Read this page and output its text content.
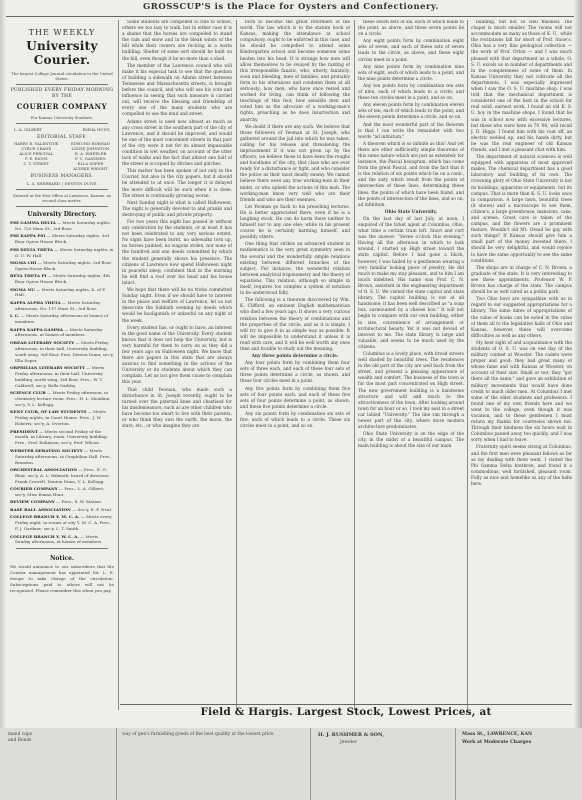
GROSSCUP'S is the Place for Oysters and Confectionery.
THE WEEKLY
University Courier.
The largest College Journal circulation in the United States.
PUBLISHED EVERY FRIDAY MORNING
BY THE
COURIER COMPANY
For Kansas University Students.
L. A. GILBERT	EMMA HUNT,
EDITORIAL STAFF.
HARRY B. VALENTINE
CYRUS CRANE
ALICE PERCIVAL
F. E. RIGGS
C. T. STREET
EDMUND HORNAN
LIZZIE JOHNSTON
H. A. WHEELER
F. C. GASSMEN
ELLA SOPER
AUDRIE WRIGHT
BUSINESS MANAGERS.
L. A. SHERRARD. | DENTON DUNE.
Entered at the Post Office at Lawrence, Kansas, as second class matter.
University Directory.
PHI GAMMA DELTA — Meets Saturday nights, No. 720 Mass St., 3rd floor.
PHI KAPPA PSI — Meets Saturday nights, 3rd floor Opera House Block.
PHI DELTA THETA — Meets Saturday nights, in O. U. W. Hall.
SIGMA CHI — Meets Saturday nights, 3rd floor Opera House Block.
BETA THETA PI — Meets Saturday nights, 4th floor Opera House Block.
SIGMA NU — Meets Saturday nights, K. of P. Hall.
KAPPA ALPHA THETA — Meets Saturday afternoons, No. 117 Mass St., 3rd floor.
I. C. — Meets Saturday afternoons at homes of members.
KAPPA KAPPA GAMMA — Meets Saturday afternoons, at homes of members.
OREAD LITERARY SOCIETY — Meets Friday afternoons, in their hall, University building, south wing, 3rd floor. Pres. Denton Dunn; sec'y, Ella Soper.
ORPHILIAN LITERARY SOCIETY — Meets Friday afternoons, in their hall, University building, north wing, 3rd floor. Pres., W. T. Caldwell; sec'y, Bella Gadsby.
SCIENCE CLUB — Meets Friday afternoon, in chemistry lecture room. Pres., H. L. McAdam; sec'y, V. L. Kellogg.
KENT CLUB, OF LAW STUDENTS — Meets Friday nights, in Court House. Pres., J. W. Roberts; sec'y, A. Overton.
PRESIDENT — Meets second Friday of the month, in Library, room. University building. Pres., Prof. Robinson; sec'y, Prof. Wilcox.
WEBSTER DEBATING SOCIETY — Meets Saturday afternoons, in Orophilian Hall. Pres., Brandon.
ORCHESTRAL ASSOCIATION — Pres., E. G. Blair; sec'y, A. L. Wilmoth; board of directors, Frank Crowell, Denton Dunn, V. L. Kellogg.
COURIER COMPANY — Pres., L. A. Gilbert; sec'y, Miss Emma Hunt.
REVIEW COMPANY — Pres., S. W. Station.
BASE BALL ASSOCIATION — Sec'y, E. F. Neal.
COLLEGE BRANCH Y. M. C. A. — Meets every Friday night, in rooms of city Y. M. C. A. Pres., F. J. Gardner; sec'y, L. T. Smith.
COLLEGE BRANCH Y. W. C. A. — Meets Sunday afternoons, at homes of members.
Notice.
We would announce to our subscribers that the Courier management has appointed Mr. L. E. Swope to take charge of the circulation. Subscriptions paid to others will not be recognized. Please remember this when you pay.

Some students are compelled to ride to school, others we too lazy to walk, but in either case it is a shame that the horses are compelled to stand the rain and snow and in the bleak winds of the hill while their owners are reciting in a warm building. Shelter of some sort should be built on the hill, even though it be no more than a shed.

The member of the Lawrence council who will make it his especial task to see that the question of building a sidewalk on Adams street between Tennessee and Massachusetts streets, is brought before the council, and who will use his vote and influence in seeing that such measure is carried out, will receive the blessing and friendship of every one of the many students who are compelled to use the mud and street.

Adams street is used now almost as much as any cross street in the southern part of the city of Lawrence, and it should be improved, and would be one of the most convenient streets in that part of the city were it not for its almost impassable condition in wet weather, on account of the utter lack of walks and the fact that almost one half of the street is occupied by ditches and gulches.

This matter has been spoken of not only in the Courier, but also in the city papers, but it should be attended to at once. The longer it is delayed the more difficult will be such when it is done. The street is continually growing worse.

Next Sunday night is what is called Halloween. The night is generally devoted to and pranks and destroying of public and private property.

For two years this night has passed in without any celebration by the students, or at least it has not been celebrated to any very serious extent. No signs have been burnt, no sidewalks torn up, no horses painted, no wagons stolen, nor none of the hundred and one deeds committed by which the student generally shows his presence. The citizens of Lawrence now spend Halloween night in peaceful sleep, confident that in the morning he will find a roof over his head and his house intact.

We hope that there will be no tricks committed Sunday night. Even if we should have to interest in the peace and welfare of Lawrence, let us not desecrate the Sabbath evening by deeds which would be hooliganish or unlawful on any night of the week.

Every student has, or ought to have, an interest in the good name of the University. Every student knows that it does not help the University, but is very harmful for them to carry on as they did a few years ago on Halloween night. We know that there are papers in this state that are always anxious to find something in the actions of the University or its students about which they can complain. Let us not give them cause to complain this year.

That child Yeoman, who made such a disturbance in St. Joseph recently, ought to be turned over the paternal knee and chastised for his misdemeanors, such as are other children who have become too smart to live with their parents, or who think they own the earth, the moon, the stars, etc., or who imagine they are

born to become the great reformers of the world. The law which is to the statute book of Kansas, making the attendance at school compulsory, ought to be enforced in this case, and he should be compelled to attend some Kindergarten school and become someone some beaten into his head. It is strange how men will allow themselves to be swayed by the ranting of this irresponsible fanatic, who, utterly, fanaticly, soon and bleeding, men of families, and probably form to his utterances and condemn them at all seriously; how men, who have once rested and worked for living, can think of following the teachings of this fool; how sensible men and voted him as the advocate of a working-man's rights, preaching as he does insurrection and anarchy.

We doubt if there are any such. We believe that those followers of Yeoman at St. Joseph, who gathered around the jail into which he was taken, calling for his release and threatening the imprisonment if it was not given up by the officers, we believe those to have been the roughs and hoodlums of the city, that class who are ever ready for a disturbance or fight, and who consider the police as their most deadly enemy. We cannot believe there were any true working-men in their midst, or who upheld the actions of this mob. The working-man know very well who are their friends and who are their enemies.

Let Yeoman go back to his preaching lectures. He is better appreciated there, even if he is a laughing stock. He can do harm there neither to himself nor to any one else; while in his present course he is certainly harming himself, and possibly others.

One thing that strikes an advanced student in mathematics is the very great symmetry seen in the several and the wonderfully simple relations existing between different branches of the subject. For instance, the wonderful relation between analytical trigonometry and the theory of equations. This relation, although so simple in itself, requires too complex a system of notation to be understood fully.

The following is a theorem discovered by Wm. K. Clifford, an eminent English mathematician who died a few years ago. It shows a very curious relation between the theory of combinations and the properties of the circle, and as it is simple, I will try to give it in as simple way as possible. It will be impossible to understand it unless it is read with care, and it will be well worth any ones time and trouble to study out the meaning.

Any three points determine a circle.

Any four points form by combining them four sets of three each, and each of these four sets of three points determine a circle, as shown, and these four circles meet in a point.

Any five points form by combining them five sets of four points each, and each of these five sets of four points determine a point, as shown, and these five points determine a circle.

Any six points form by combination six sets of five, each of which leads to a circle. These six circles meet in a point, and so on.

these seven sets of six, each of which leads to the point, as above; and these seven points lie on a circle.

Any eight points form by combination eight sets of seven, and each of these sets of seven leads to the circle, as above; and these eight circles meet in a point.

Any nine points form by combination nine sets of eight, each of which leads to a point, and the nine points determine a circle.

Any ten points form by combination ten sets of nine, each of which leads to a circle; and these ten circles meet in a point, and so on.

Any eleven points form by combination eleven sets of ten, each of which leads to the point; and the eleven points determine a circle, and so on.

And the most wonderful part of the theorem is that I can write the remainder with two words "ad infinitum."

A theorem which is so infinite as this! And yet there are other sufficiently simple theorems of this same nature which are just as extended; for instance, the Pascal hexagram, which has come from the great Pascal, and from the fact that it is the relation of six points which lie on a conic, and the sixty which result from the points of intersection of these lines, determining these lines, the points of which have been found, and the points of intersection of the lines, and so on, ad infinitum.

Ohio State University.

On the last day of last July, at noon, I enquired of the ticket agent at Columbus, Ohio, what time a certain train left. Snort and curt was the answer: "Seven o'clock this evening." Having all the afternoon in which to look around, I started up High street toward the state capitol. Before I had gone a block, however, I was hailed by a gentleman wearing a very familiar looking piece of jewelry. He did much to make my stay pleasant, and to him I am much indebted. His name was Prof. C. N. Brown, assistant in the engineering department of O. S. U. We visited the state capitol and state library. The capitol building is not at all handsome; it has been well described as "a soap box, surmounted by a cheese box." It will not begin to compare with our own building, either in size, convenience of arrangement or architectural beauty. Yet it was not devoid of interest to me. The state library is large and valuable, and seems to be much used by the citizens.

Columbus is a lovely place, with broad streets well shaded by beautiful trees. The residences in the old part of the city are well back from the street, and present a pleasing appearance of wealth and comfort. The business of the town is for the most part concentrated on High street. The new government building is a handsome structure and will add much to the attractiveness of the town. After looking around town for an hour or so, I took my seat in a street car labled "University." The line ran through a newer part of the city, where more modern architecture predominates.

Ohio State University is on the edge of the city, in the midst of a beautiful campus. The main building is about the size of our main

building, but not so well finished. The chapel is much smaller. The rooms will not accommodate as many as those of K. U., while the recitations fall far short of Prof. Snow's. Ohio has a very fine geological collection — the work of Prof. Orton — and I was much pleased with that department as a whole. O. S. U. excels us in number of departments and in the completeness of some of them. In Kansas University they not cultivate all the departments. I was especially impressed when I saw the O. S. U. machine shop. I was told that the mechanical department is considered one of the best in the school for real solid, earnest work. I found an old K. S. U. boy in the machine shops. I found that he was in school now with excessive lectures, but those who were here in 79 '80, will recall J. D. Higgs. I found him with his coat off, an electric welded up, and his hands dirty, but he was the real engineer of old Kansas friends, and I met a pleasant chat with him.

The department of natural sciences is well equipped with apparatus of most approved makes. The chemical department has a good laboratory and building of its own. The crowning glory of Ohio State University is not its buildings, apparatus or equipments, but its campus. That is more than K. S. U. looks once in comparison. A large lawn, beautiful trees (it shows) and a microscope to see them, citizen's, a large greenhouse, mansions, cake, and scenes. Great care is taken of the campus, and the flowers are a prominent feature. Wouldn't old Mt. Oread be gay with such things? If Kansas should give him a small part of the money invested there, I should be very delightful, and would rejoice to have the same opportunity to see the same conditions.

The shops are in charge of C. N. Brown, a graduate of the state. It is very interesting to see these appointments. Professor W. P. Brown has charge of the state. The campus should be as well cared as a public park.

Two Ohio boys are sympathize with us in regard to our suggested appropriations for a library. The same dates of appropriations of the value of books can be noted in the value of them all to the legislative halls of Ohio and Kansas, however, these will overcome difficulties as well as any others.

My best sight of and acquaintance with the students of O. S. U. was on one day of the military contest at Wooster. The cadets were proper and good; they had great many of whose fame and with Kansas at Wooster, on account of their size. Small or not, they "got there all the same," and gave an exhibition of military movements that would have done credit to much older men. At Columbus I met some of the older students and professors. I found one of my own friends here and we went to the college, even though it was vacation, and to these gentlemen I must return my thanks for courtesies shown me. Through their kindness the six hours wait in Columbus passed away too quickly, and I was sorry when I had to leave.

Fraternity spirit seems strong at Columbus, and the first men were pleasant fellows as far as my dealing with them went. I visited the Phi Gamma Delta brethren, and found it a commodious, well furnished, pleasant room. Fully as nice and homelike as any of the halls here.

Field & Hargis. Largest Stock, Lowest Prices, at
mand caps
and Bonds
way of gen's furnishing goods of the best quality at the lowest price.	H. J. RUSHMER & SON,
Jeweler
Mass St., LAWRENCE, KAN
Work at Moderate Charges
